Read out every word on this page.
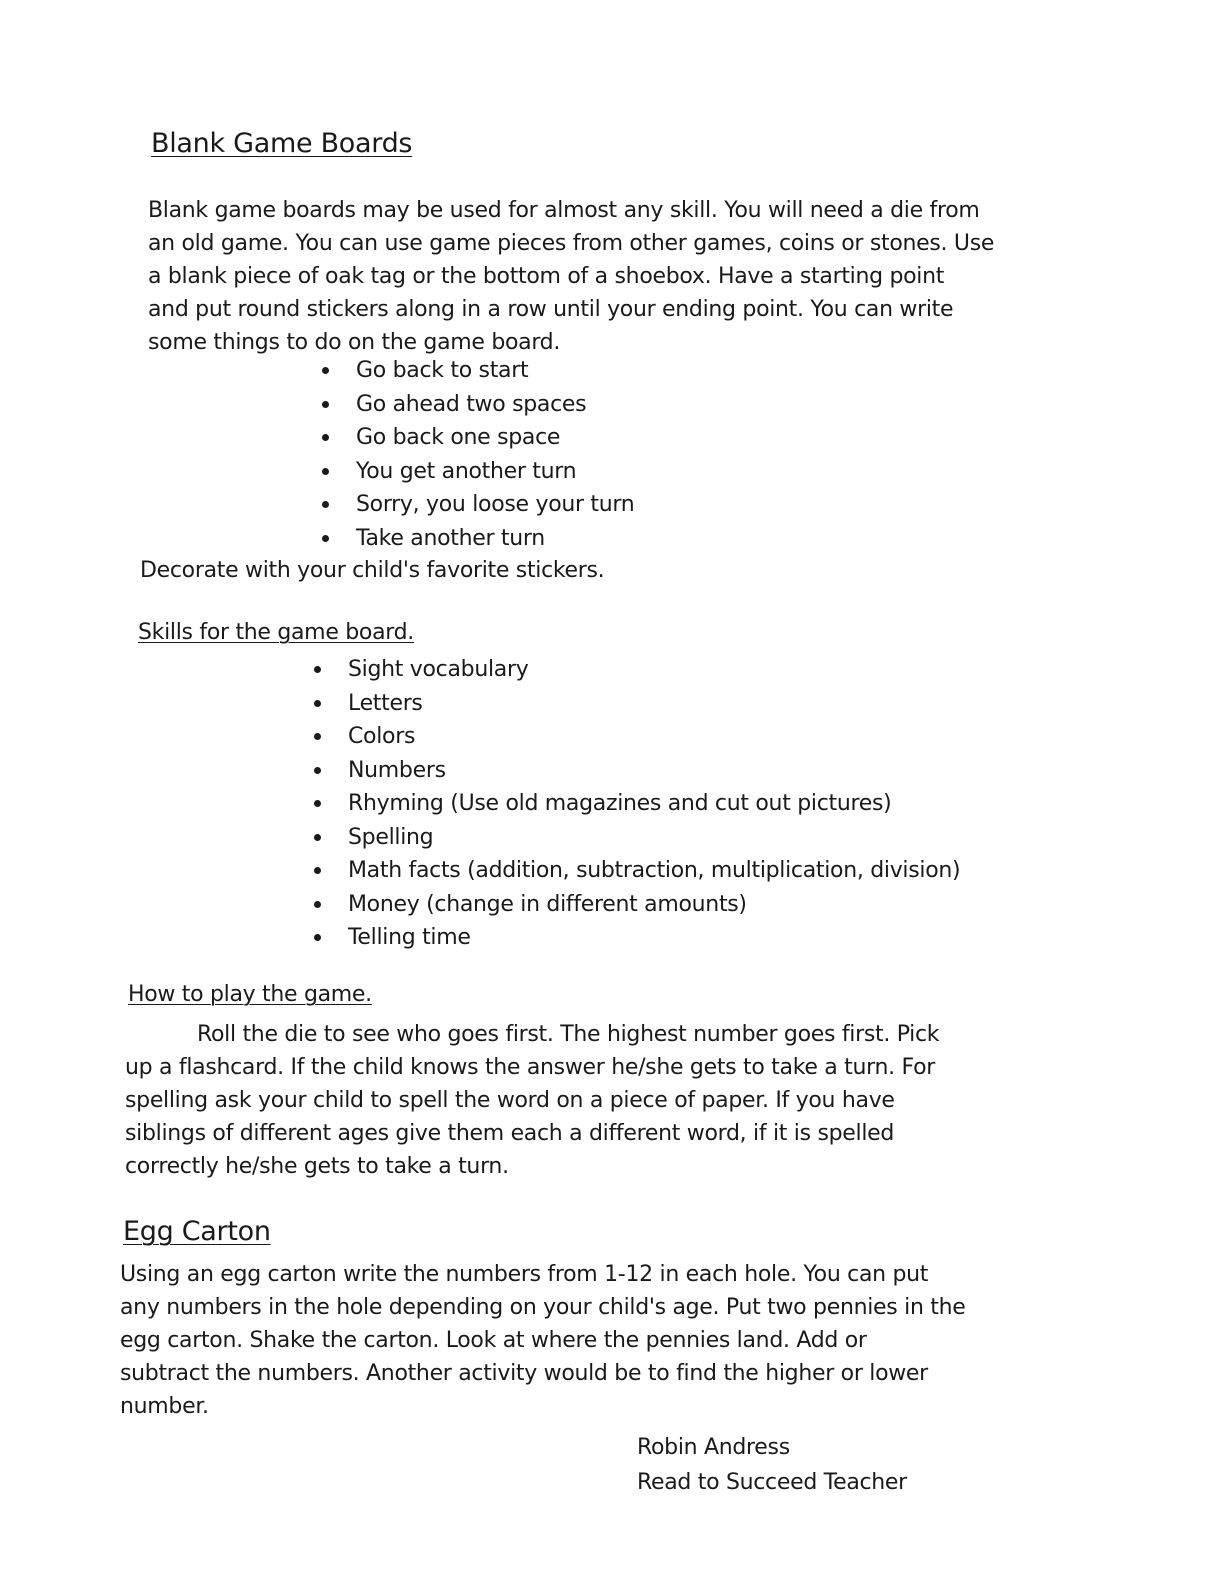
Blank Game Boards
Blank game boards may be used for almost any skill. You will need a die from
an old game. You can use game pieces from other games, coins or stones. Use
a blank piece of oak tag or the bottom of a shoebox. Have a starting point
and put round stickers along in a row until your ending point. You can write
some things to do on the game board.
Go back to start
Go ahead two spaces
Go back one space
You get another turn
Sorry, you loose your turn
Take another turn
Decorate with your child's favorite stickers.
Skills for the game board.
Sight vocabulary
Letters
Colors
Numbers
Rhyming (Use old magazines and cut out pictures)
Spelling
Math facts (addition, subtraction, multiplication, division)
Money (change in different amounts)
Telling time
How to play the game.
Roll the die to see who goes first. The highest number goes first. Pick
up a flashcard. If the child knows the answer he/she gets to take a turn. For
spelling ask your child to spell the word on a piece of paper. If you have
siblings of different ages give them each a different word, if it is spelled
correctly he/she gets to take a turn.
Egg Carton
Using an egg carton write the numbers from 1-12 in each hole. You can put
any numbers in the hole depending on your child's age. Put two pennies in the
egg carton. Shake the carton. Look at where the pennies land. Add or
subtract the numbers. Another activity would be to find the higher or lower
number.
Robin Andress
Read to Succeed Teacher
